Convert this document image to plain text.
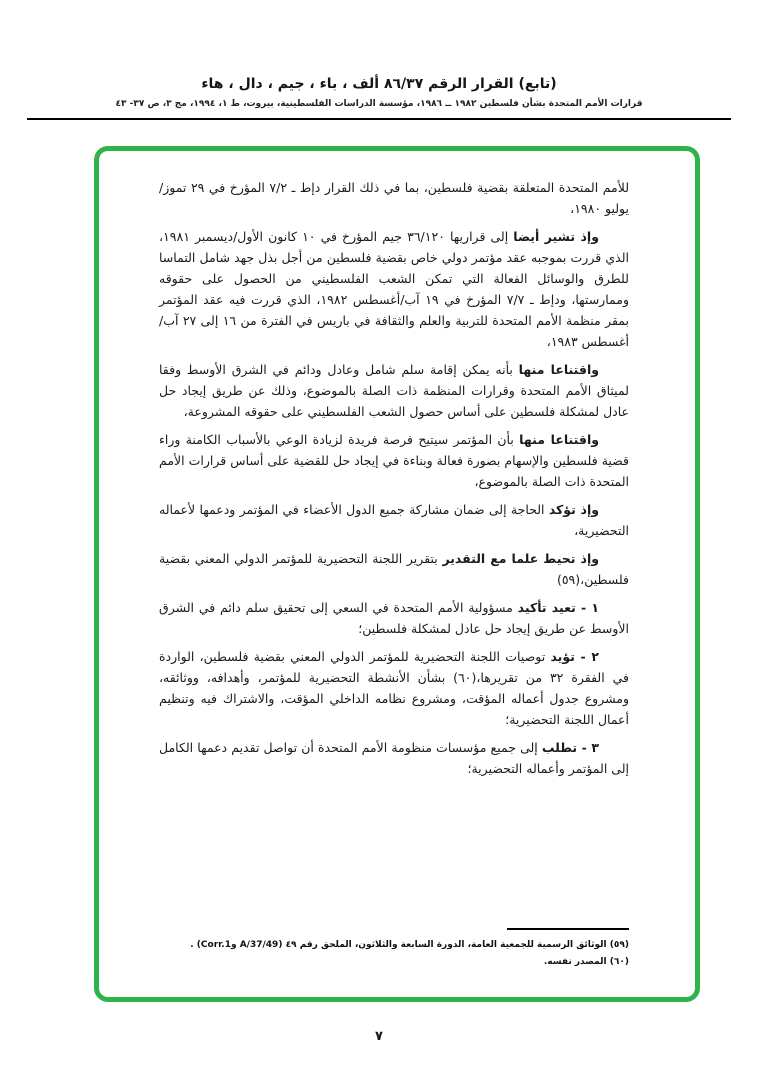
(تابع) القرار الرقم ٨٦/٣٧ ألف ، باء ، جيم ، دال ، هاء
قرارات الأمم المتحدة بشأن فلسطين ١٩٨٢ ــ ١٩٨٦، مؤسسة الدراسات الفلسطينية، بيروت، ط ١، ١٩٩٤، مج ٣، ص ٣٧- ٤٣

للأمم المتحدة المتعلقة بقضية فلسطين، بما في ذلك القرار دإط ـ ٧/٢ المؤرخ في ٢٩ تموز/يوليو ١٩٨٠،

وإذ تشير أيضا إلى قراريها ٣٦/١٢٠ جيم المؤرخ في ١٠ كانون الأول/ديسمبر ١٩٨١، الذي قررت بموجبه عقد مؤتمر دولي خاص بقضية فلسطين من أجل بذل جهد شامل التماسا للطرق والوسائل الفعالة التي تمكن الشعب الفلسطيني من الحصول على حقوقه وممارستها، ودإط ـ ٧/٧ المؤرخ في ١٩ آب/أغسطس ١٩٨٢، الذي قررت فيه عقد المؤتمر بمقر منظمة الأمم المتحدة للتربية والعلم والثقافة في باريس في الفترة من ١٦ إلى ٢٧ آب/أغسطس ١٩٨٣،

واقتناعا منها بأنه يمكن إقامة سلم شامل وعادل ودائم في الشرق الأوسط وفقا لميثاق الأمم المتحدة وقرارات المنظمة ذات الصلة بالموضوع، وذلك عن طريق إيجاد حل عادل لمشكلة فلسطين على أساس حصول الشعب الفلسطيني على حقوقه المشروعة،

واقتناعا منها بأن المؤتمر سيتيح فرصة فريدة لزيادة الوعي بالأسباب الكامنة وراء قضية فلسطين والإسهام بصورة فعالة وبناءة في إيجاد حل للقضية على أساس قرارات الأمم المتحدة ذات الصلة بالموضوع،

وإذ تؤكد الحاجة إلى ضمان مشاركة جميع الدول الأعضاء في المؤتمر ودعمها لأعماله التحضيرية،

وإذ تحيط علما مع التقدير بتقرير اللجنة التحضيرية للمؤتمر الدولي المعني بقضية فلسطين،(٥٩)

١ - تعيد تأكيد مسؤولية الأمم المتحدة في السعي إلى تحقيق سلم دائم في الشرق الأوسط عن طريق إيجاد حل عادل لمشكلة فلسطين؛

٢ - تؤيد توصيات اللجنة التحضيرية للمؤتمر الدولي المعني بقضية فلسطين، الواردة في الفقرة ٣٢ من تقريرها،(٦٠) بشأن الأنشطة التحضيرية للمؤتمر، وأهدافه، ووثائقه، ومشروع جدول أعماله المؤقت، ومشروع نظامه الداخلي المؤقت، والاشتراك فيه وتنظيم أعمال اللجنة التحضيرية؛

٣ - تطلب إلى جميع مؤسسات منظومة الأمم المتحدة أن تواصل تقديم دعمها الكامل إلى المؤتمر وأعماله التحضيرية؛

(٥٩) الوثائق الرسمية للجمعية العامة، الدورة السابعة والثلاثون، الملحق رقم ٤٩ (A/37/49 وCorr.1) .
(٦٠) المصدر نفسه.
٧
